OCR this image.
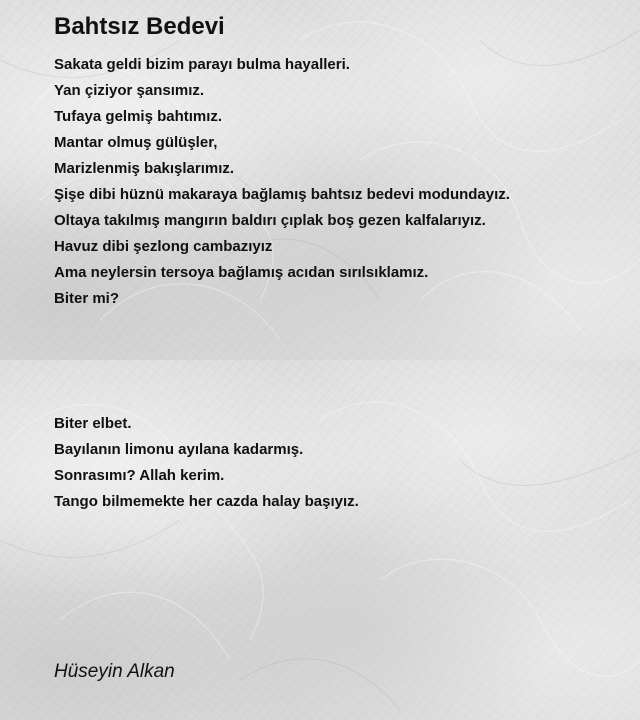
Bahtsız Bedevi
Sakata geldi bizim parayı bulma hayalleri.
Yan çiziyor şansımız.
Tufaya gelmiş bahtımız.
Mantar olmuş gülüşler,
Marizlenmiş bakışlarımız.
Şişe dibi hüznü makaraya bağlamış bahtsız bedevi modundayız.
Oltaya takılmış mangırın baldırı çıplak boş gezen kalfalarıyız.
Havuz dibi şezlong cambazıyız
Ama neylersin tersoya bağlamış acıdan sırılsıklamız.
Biter mi?
Biter elbet.
Bayılanın limonu ayılana kadarmış.
Sonrasımı? Allah kerim.
Tango bilmemekte her cazda halay başıyız.
Hüseyin Alkan
